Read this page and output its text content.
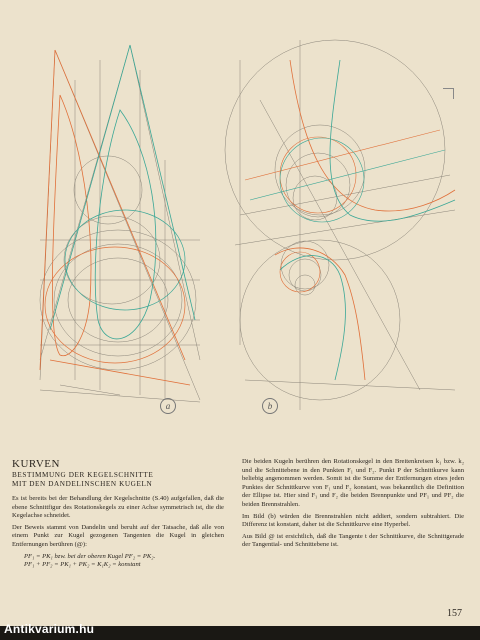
a	b
KURVEN
BESTIMMUNG DER KEGELSCHNITTE
MIT DEN DANDELINSCHEN KUGELN

Es ist bereits bei der Behandlung der Kegelschnitte (S.40) aufgefallen, daß die ebene Schnittfigur des Rotationskegels zu einer Achse symmetrisch ist, die die Kegelachse schneidet.

Der Beweis stammt von Dandelin und beruht auf der Tatsache, daß alle von einem Punkt zur Kugel gezogenen Tangenten die Kugel in gleichen Entfernungen berühren (@):

PF₁ = PK₁ bzw. bei der oberen Kugel PF₂ = PK₂.

PF₁ + PF₂ = PK₁ + PK₂ = K₁K₂ = konstant

Die beiden Kugeln berühren den Rotationskegel in den Breitenkreisen k₁ bzw. k₂ und die Schnittebene in den Punkten F₁ und F₂. Punkt P der Schnittkurve kann beliebig angenommen werden. Somit ist die Summe der Entfernungen eines jeden Punktes der Schnittkurve von F₁ und F₂ konstant, was bekanntlich die Definition der Ellipse ist. Hier sind F₁ und F₂ die beiden Brennpunkte und PF₁ und PF₂ die beiden Brennstrahlen.

Im Bild (b) würden die Brennstrahlen nicht addiert, sondern subtrahiert. Die Differenz ist konstant, daher ist die Schnittkurve eine Hyperbel.

Aus Bild @ ist ersichtlich, daß die Tangente t der Schnittkurve, die Schnittgerade der Tangential- und Schnittebene ist.

157
Antikvarium.hu
